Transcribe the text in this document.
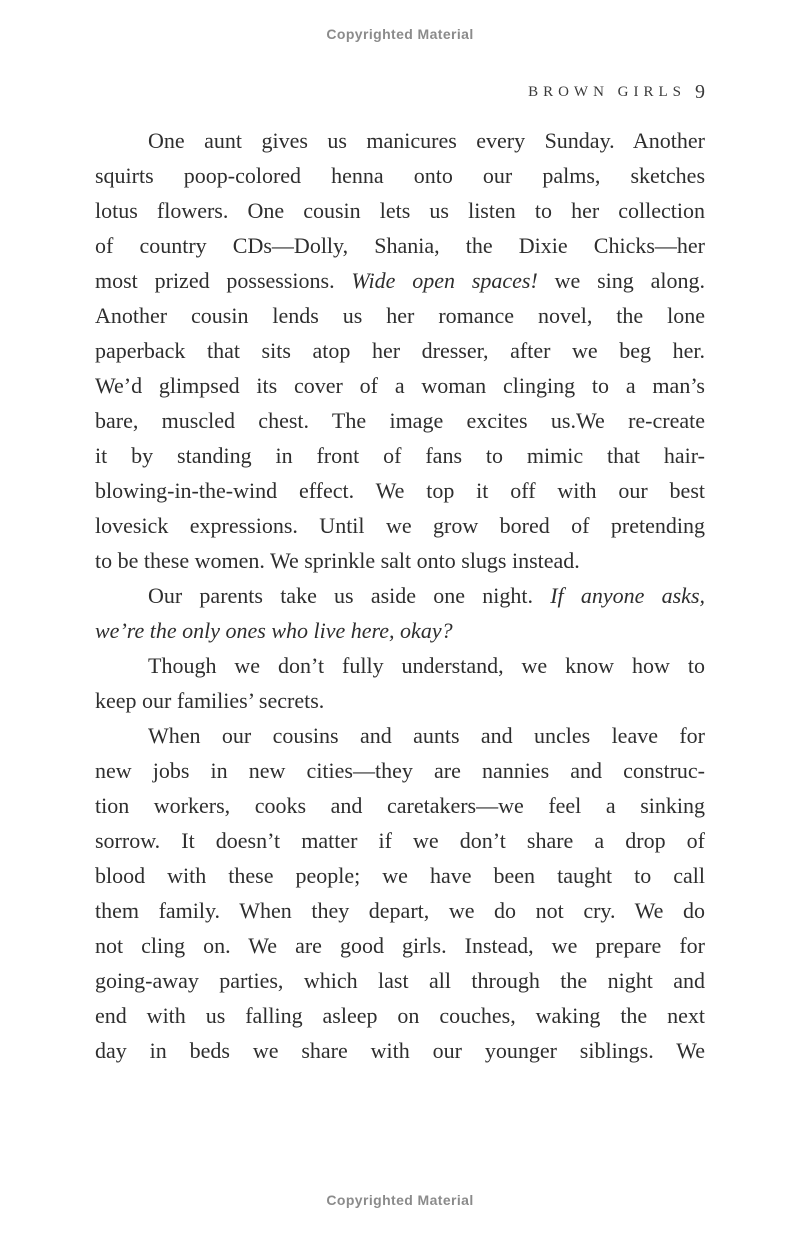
Copyrighted Material
BROWN GIRLS 9
One aunt gives us manicures every Sunday. Another
squirts poop-colored henna onto our palms, sketches
lotus flowers. One cousin lets us listen to her collection
of country CDs—Dolly, Shania, the Dixie Chicks—her
most prized possessions. Wide open spaces! we sing along.
Another cousin lends us her romance novel, the lone
paperback that sits atop her dresser, after we beg her.
We’d glimpsed its cover of a woman clinging to a man’s
bare, muscled chest. The image excites us.We re-create
it by standing in front of fans to mimic that hair-
blowing-in-the-wind effect. We top it off with our best
lovesick expressions. Until we grow bored of pretending
to be these women. We sprinkle salt onto slugs instead.
Our parents take us aside one night. If anyone asks,
we’re the only ones who live here, okay?
Though we don’t fully understand, we know how to
keep our families’ secrets.
When our cousins and aunts and uncles leave for
new jobs in new cities—they are nannies and construc-
tion workers, cooks and caretakers—we feel a sinking
sorrow. It doesn’t matter if we don’t share a drop of
blood with these people; we have been taught to call
them family. When they depart, we do not cry. We do
not cling on. We are good girls. Instead, we prepare for
going-away parties, which last all through the night and
end with us falling asleep on couches, waking the next
day in beds we share with our younger siblings. We
Copyrighted Material
